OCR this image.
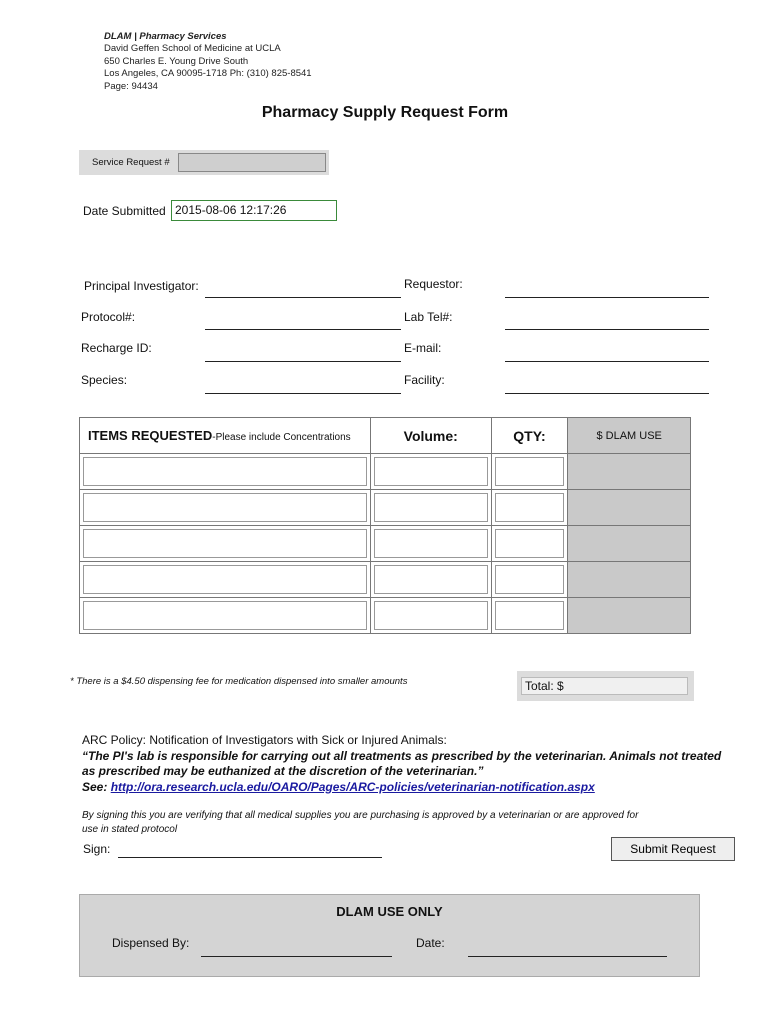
DLAM | Pharmacy Services
David Geffen School of Medicine at UCLA
650 Charles E. Young Drive South
Los Angeles, CA 90095-1718 Ph: (310) 825-8541
Page: 94434
Pharmacy Supply Request Form
Service Request #
Date Submitted 2015-08-06 12:17:26
Principal Investigator:
Protocol#:
Recharge ID:
Species:
Requestor:
Lab Tel#:
E-mail:
Facility:
ITEMS REQUESTED-Please include Concentrations	Volume:	QTY:	$ DLAM USE

* There is a $4.50 dispensing fee for medication dispensed into smaller amounts	Total: $
ARC Policy: Notification of Investigators with Sick or Injured Animals:
“The PI's lab is responsible for carrying out all treatments as prescribed by the veterinarian. Animals not treated as prescribed may be euthanized at the discretion of the veterinarian.”
See: http://ora.research.ucla.edu/OARO/Pages/ARC-policies/veterinarian-notification.aspx
By signing this you are verifying that all medical supplies you are purchasing is approved by a veterinarian or are approved for use in stated protocol
Sign:	Submit Request
DLAM USE ONLY
Dispensed By:	Date:
